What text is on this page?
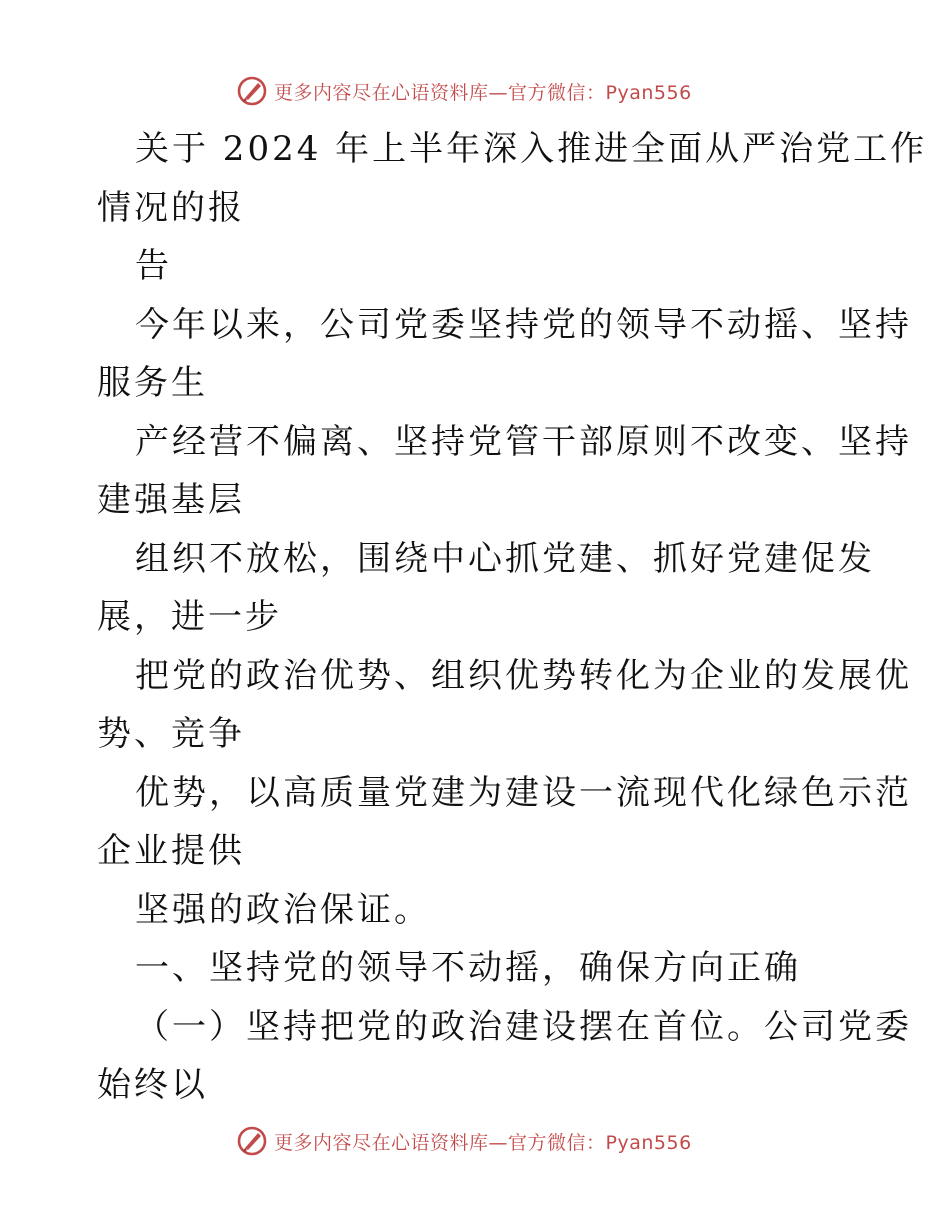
更多内容尽在心语资料库—官方微信：Pyan556
关于 2024 年上半年深入推进全面从严治党工作
情况的报
告
今年以来，公司党委坚持党的领导不动摇、坚持
服务生
产经营不偏离、坚持党管干部原则不改变、坚持
建强基层
组织不放松，围绕中心抓党建、抓好党建促发
展，进一步
把党的政治优势、组织优势转化为企业的发展优
势、竞争
优势，以高质量党建为建设一流现代化绿色示范
企业提供
坚强的政治保证。
一、坚持党的领导不动摇，确保方向正确
（一）坚持把党的政治建设摆在首位。公司党委
始终以
更多内容尽在心语资料库—官方微信：Pyan556
